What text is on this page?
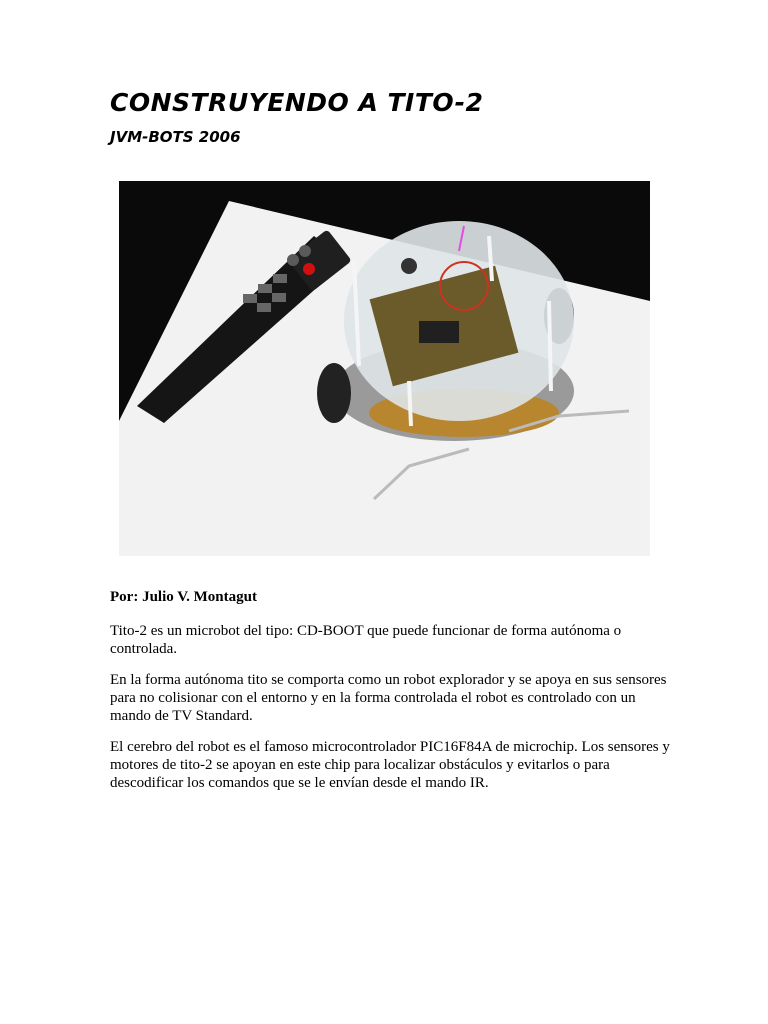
CONSTRUYENDO A TITO-2
JVM-BOTS 2006

Por: Julio V. Montagut

Tito-2 es un microbot del tipo: CD-BOOT que puede funcionar de forma autónoma o controlada.

En la forma autónoma tito se comporta como un robot explorador y se apoya en sus sensores para no colisionar con el entorno y en la forma controlada el robot es controlado con un mando de TV Standard.

El cerebro del robot es el famoso microcontrolador PIC16F84A de microchip. Los sensores y motores de tito-2 se apoyan en este chip para localizar obstáculos y evitarlos o para descodificar los comandos que se le envían desde el mando IR.
